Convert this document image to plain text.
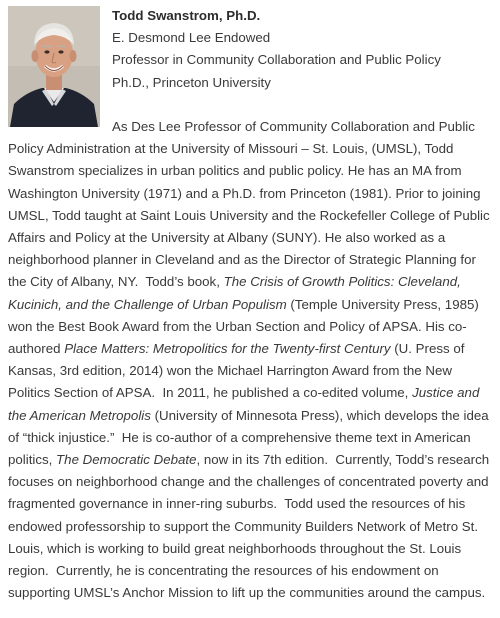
Todd Swanstrom, Ph.D.
E. Desmond Lee Endowed
Professor in Community Collaboration and Public Policy
Ph.D., Princeton University
As Des Lee Professor of Community Collaboration and Public Policy Administration at the University of Missouri – St. Louis, (UMSL), Todd Swanstrom specializes in urban politics and public policy. He has an MA from Washington University (1971) and a Ph.D. from Princeton (1981). Prior to joining UMSL, Todd taught at Saint Louis University and the Rockefeller College of Public Affairs and Policy at the University at Albany (SUNY). He also worked as a neighborhood planner in Cleveland and as the Director of Strategic Planning for the City of Albany, NY.  Todd’s book, The Crisis of Growth Politics: Cleveland, Kucinich, and the Challenge of Urban Populism (Temple University Press, 1985) won the Best Book Award from the Urban Section and Policy of APSA. His co-authored Place Matters: Metropolitics for the Twenty-first Century (U. Press of Kansas, 3rd edition, 2014) won the Michael Harrington Award from the New Politics Section of APSA.  In 2011, he published a co-edited volume, Justice and the American Metropolis (University of Minnesota Press), which develops the idea of “thick injustice.”  He is co-author of a comprehensive theme text in American politics, The Democratic Debate, now in its 7th edition.  Currently, Todd’s research focuses on neighborhood change and the challenges of concentrated poverty and fragmented governance in inner-ring suburbs.  Todd used the resources of his endowed professorship to support the Community Builders Network of Metro St. Louis, which is working to build great neighborhoods throughout the St. Louis region.  Currently, he is concentrating the resources of his endowment on supporting UMSL’s Anchor Mission to lift up the communities around the campus.
